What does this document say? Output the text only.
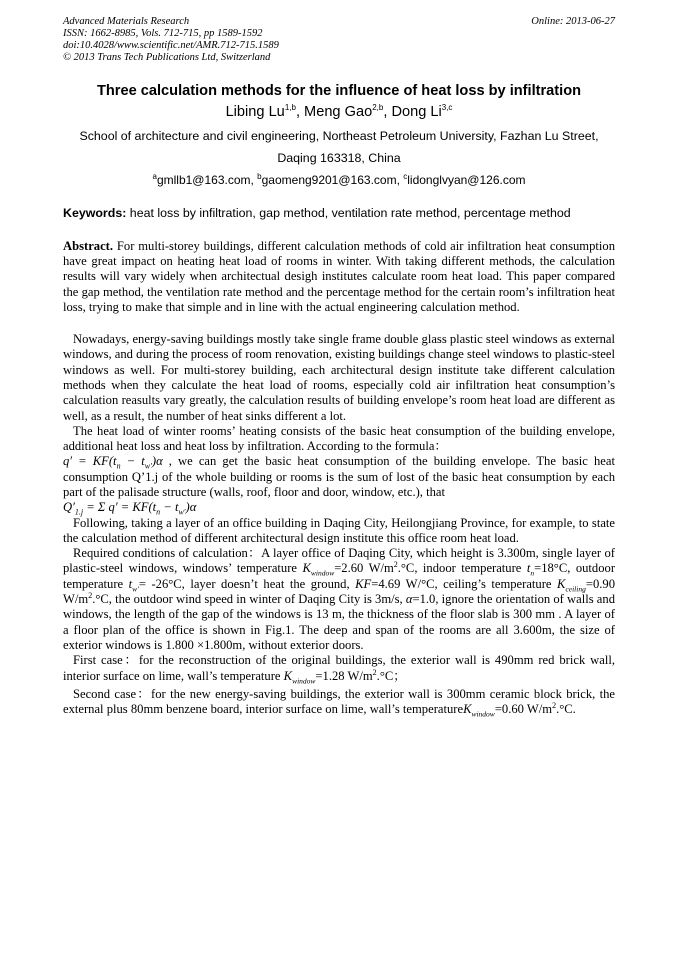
Advanced Materials Research
ISSN: 1662-8985, Vols. 712-715, pp 1589-1592
doi:10.4028/www.scientific.net/AMR.712-715.1589
© 2013 Trans Tech Publications Ltd, Switzerland
Online: 2013-06-27
Three calculation methods for the influence of heat loss by infiltration
Libing Lu$^{1,b}$, Meng Gao$^{2,b}$, Dong Li$^{3,c}$
School of architecture and civil engineering, Northeast Petroleum University, Fazhan Lu Street,
Daqing 163318, China
$^a$gmllb1@163.com, $^b$gaomeng9201@163.com, $^c$lidonglvyan@126.com
Keywords: heat loss by infiltration, gap method, ventilation rate method, percentage method
Abstract. For multi-storey buildings, different calculation methods of cold air infiltration heat consumption have great impact on heating heat load of rooms in winter. With taking different methods, the calculation results will vary widely when architectual desigh institutes calculate room heat load. This paper compared the gap method, the ventilation rate method and the percentage method for the certain room’s infiltration heat loss, trying to make that simple and in line with the actual engineering calculation method.

Nowadays, energy-saving buildings mostly take single frame double glass plastic steel windows as external windows, and during the process of room renovation, existing buildings change steel windows to plastic-steel windows as well. For multi-storey building, each architectural design institute take different calculation methods when they calculate the heat load of rooms, especially cold air infiltration heat consumption’s calculation reasults vary greatly, the calculation results of building envelope’s room heat load are different as well, as a result, the number of heat sinks different a lot.

The heat load of winter rooms’ heating consists of the basic heat consumption of the building envelope, additional heat loss and heat loss by infiltration. According to the formula：
$q' = KF(t_n - t_{w'})\alpha$ , we can get the basic heat consumption of the building envelope. The basic heat consumption Q’1.j of the whole building or rooms is the sum of lost of the basic heat consumption by each part of the palisade structure (walls, roof, floor and door, window, etc.), that
$Q'_{1.j} = \Sigma$ $q' = KF(t_n - t_{w'})\alpha$

Following, taking a layer of an office building in Daqing City, Heilongjiang Province, for example, to state the calculation method of different architectural design institute this office room heat load.

Required conditions of calculation：A layer office of Daqing City, which height is 3.300m, single layer of plastic-steel windows, windows’ temperature $K_{window}=2.60$ $W/m^2.^\circ C$, indoor temperature $t_n=18^\circ C$, outdoor temperature $t_{w'}= -26^\circ C$, layer doesn’t heat the ground, KF=4.69 W/°C, ceiling’s temperature $K_{ceiling}=0.90$ $W/m^2.^\circ C$, the outdoor wind speed in winter of Daqing City is 3m/s, α=1.0, ignore the orientation of walls and windows, the length of the gap of the windows is 13 m, the thickness of the floor slab is 300 mm . A layer of a floor plan of the office is shown in Fig.1. The deep and span of the rooms are all 3.600m, the size of exterior windows is 1.800 ×1.800m, without exterior doors.

First case：for the reconstruction of the original buildings, the exterior wall is 490mm red brick wall, interior surface on lime, wall’s temperature $K_{window}=1.28$ $W/m^2.^\circ C$；

Second case：for the new energy-saving buildings, the exterior wall is 300mm ceramic block brick, the external plus 80mm benzene board, interior surface on lime, wall’s temperatureK$_{window}$=0.60 $W/m^2.^\circ C$.
